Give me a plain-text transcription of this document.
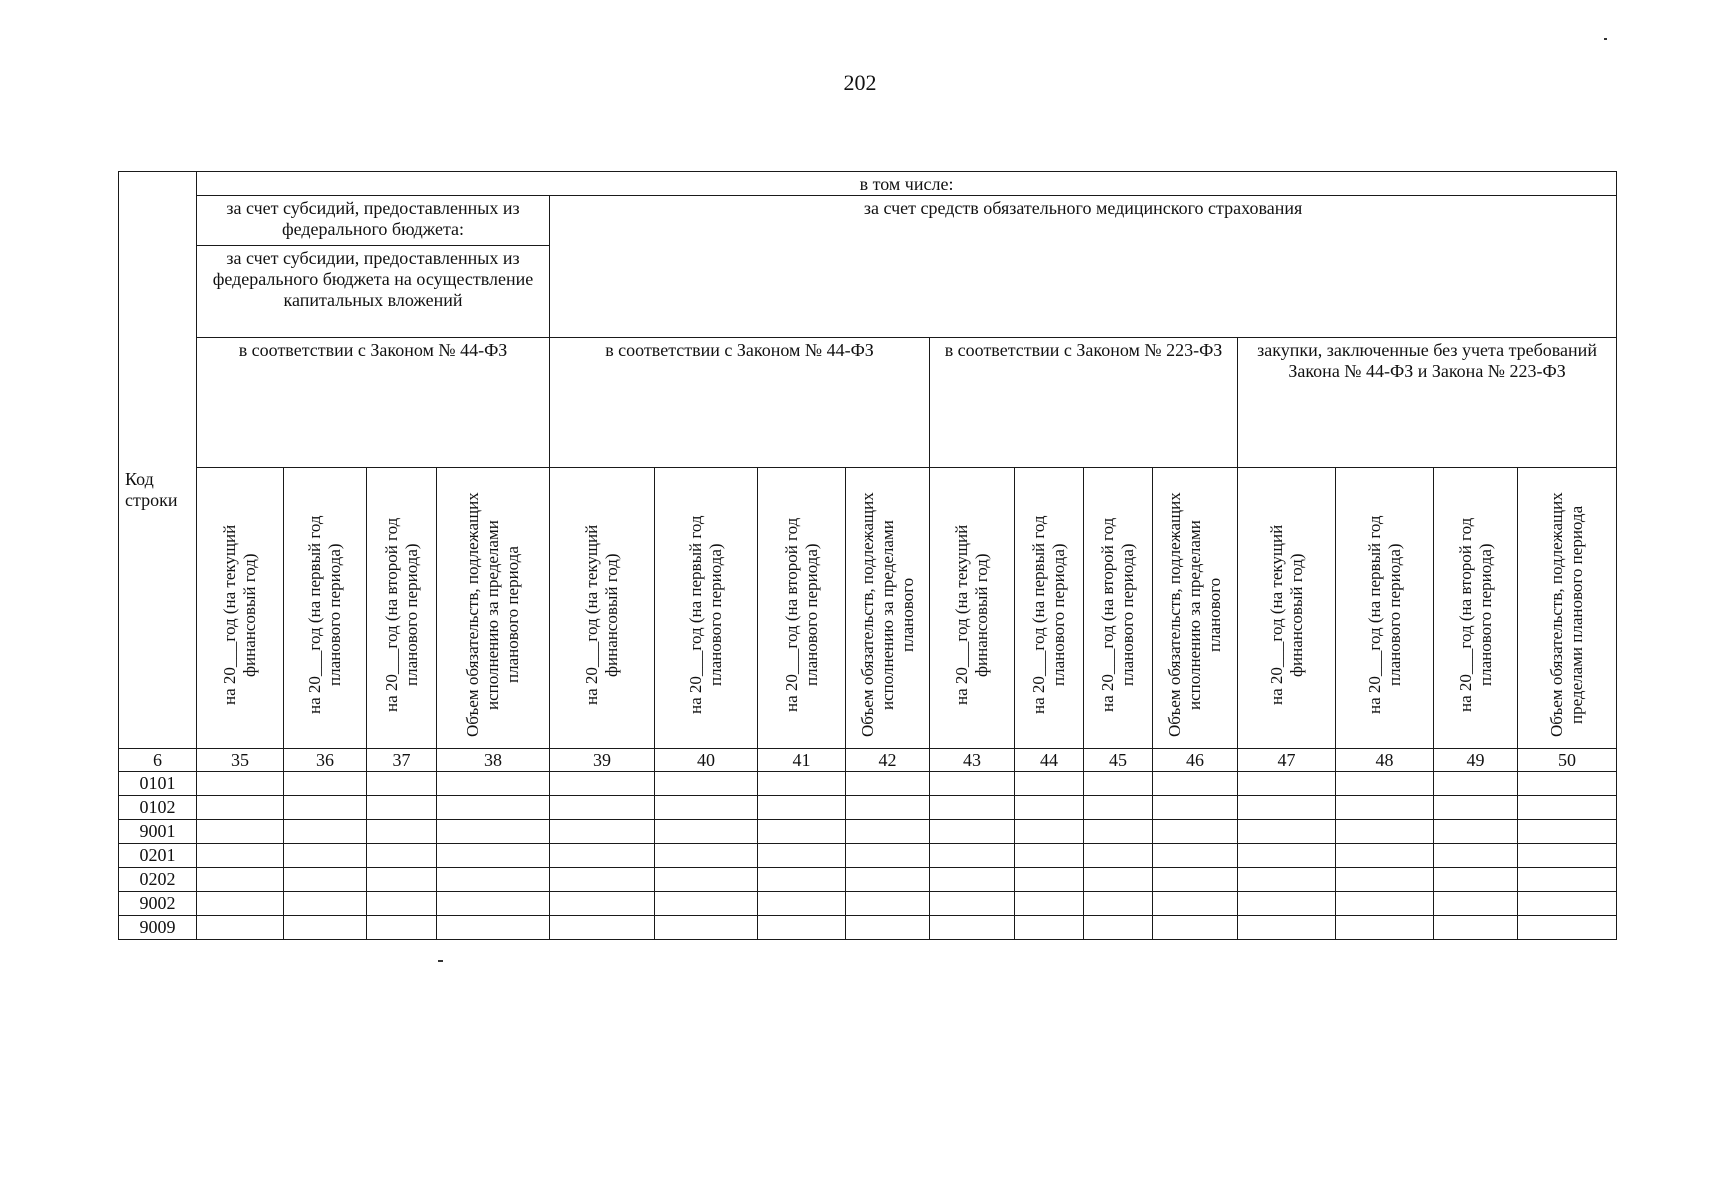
202
Код строки	в том числе:															
	за счет субсидий, предоставленных из федерального бюджета:				за счет средств обязательного медицинского страхования											
	за счет субсидии, предоставленных из федерального бюджета на осуществление капитальных вложений															
	в соответствии с Законом № 44-ФЗ				в соответствии с Законом № 44-ФЗ				в соответствии с Законом № 223-ФЗ				закупки, заключенные без учета требований Закона № 44-ФЗ и Закона № 223-ФЗ			

	на 20___год (на текущий финансовый год)	на 20___год (на первый год планового периода)	на 20___год (на второй год планового периода)	Объем обязательств, подлежащих исполнению за пределами планового периода	на 20___год (на текущий финансовый год)	на 20___год (на первый год планового периода)	на 20___год (на второй год планового периода)	Объем обязательств, подлежащих исполнению за пределами планового	на 20___год (на текущий финансовый год)	на 20___год (на первый год планового периода)	на 20___год (на второй год планового периода)	Объем обязательств, подлежащих исполнению за пределами планового	на 20___год (на текущий финансовый год)	на 20___год (на первый год планового периода)	на 20___год (на второй год планового периода)	Объем обязательств, подлежащих пределами планового периода

6	35	36	37	38	39	40	41	42	43	44	45	46	47	48	49	50
0101																
0102																
9001																
0201																
0202																
9002																
9009																
